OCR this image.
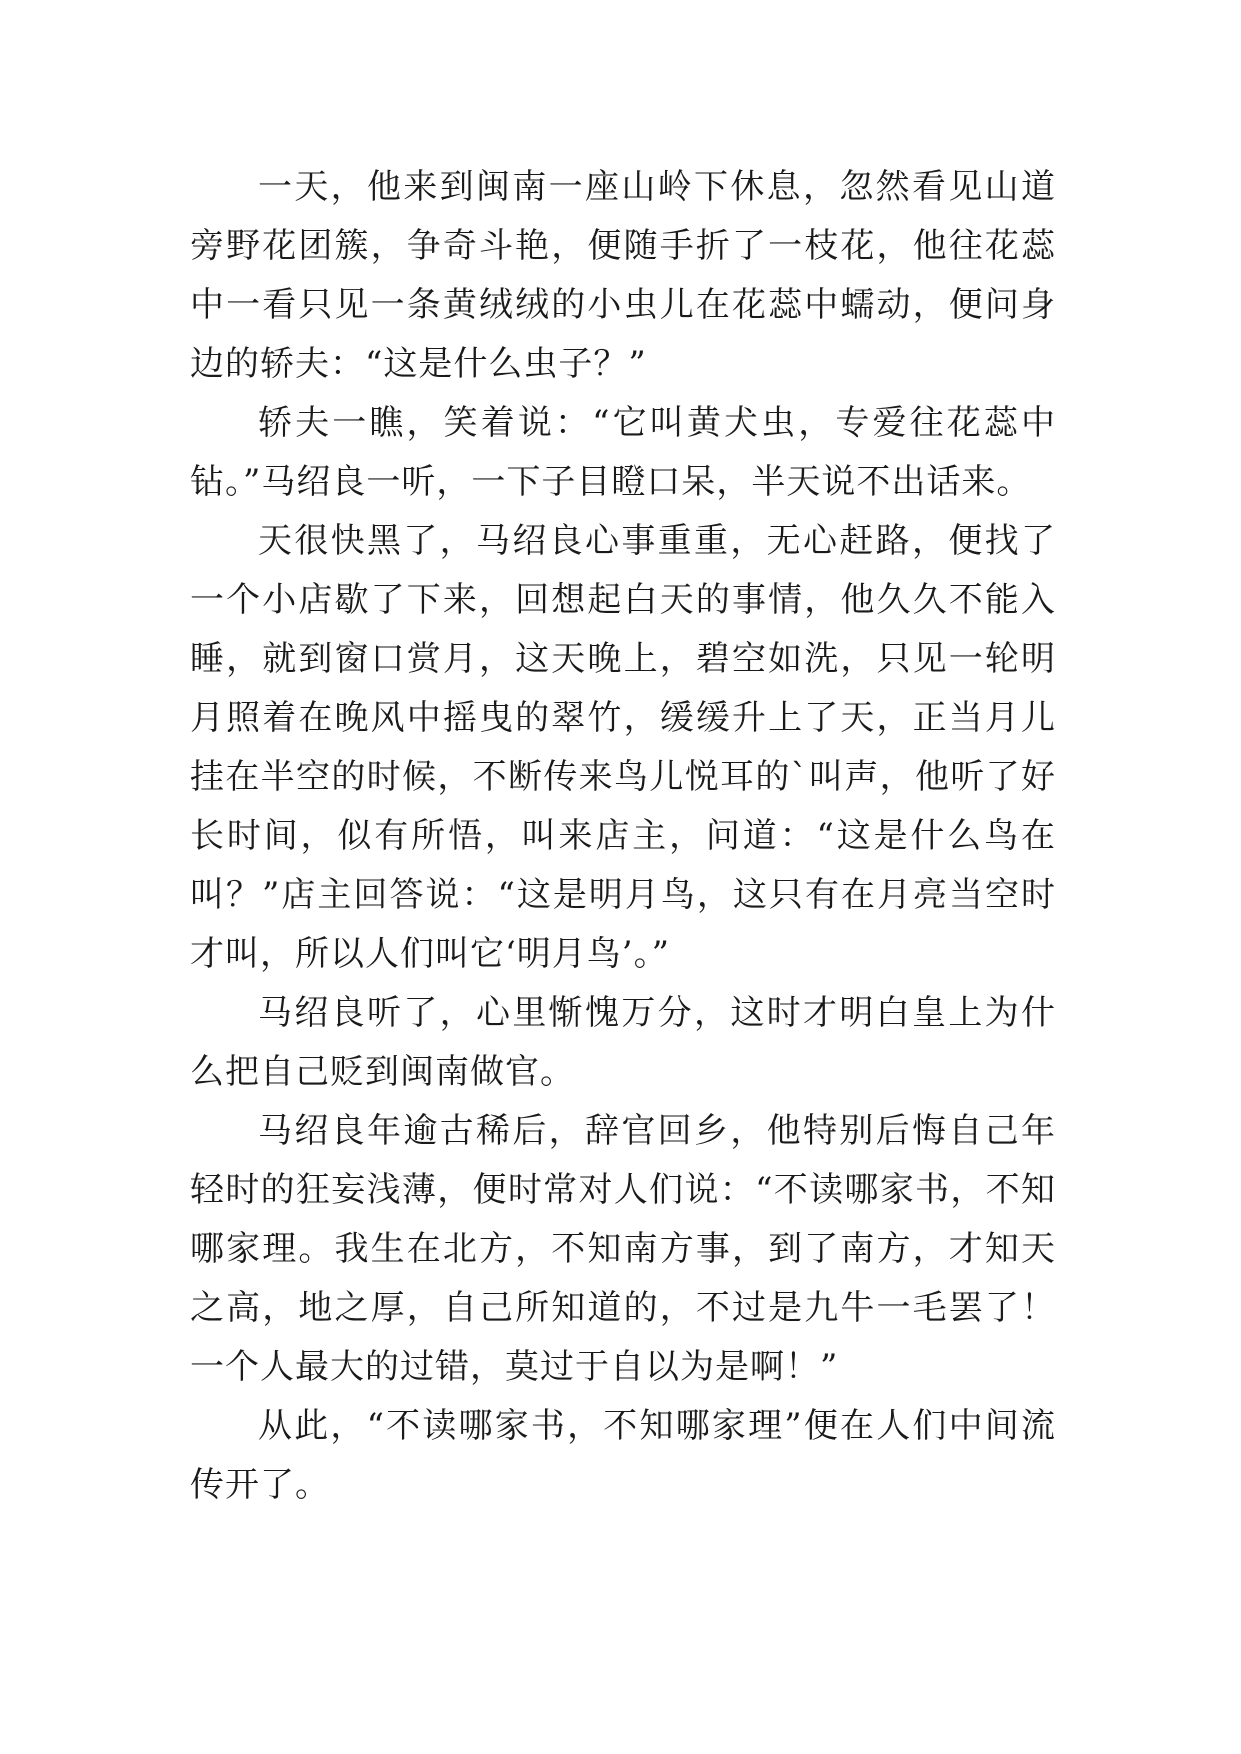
一天，他来到闽南一座山岭下休息，忽然看见山道旁野花团簇，争奇斗艳，便随手折了一枝花，他往花蕊中一看只见一条黄绒绒的小虫儿在花蕊中蠕动，便问身边的轿夫：“这是什么虫子？”

轿夫一瞧，笑着说：“它叫黄犬虫，专爱往花蕊中钻。”马绍良一听，一下子目瞪口呆，半天说不出话来。

天很快黑了，马绍良心事重重，无心赶路，便找了一个小店歇了下来，回想起白天的事情，他久久不能入睡，就到窗口赏月，这天晚上，碧空如洗，只见一轮明月照着在晚风中摇曳的翠竹，缓缓升上了天，正当月儿挂在半空的时候，不断传来鸟儿悦耳的`叫声，他听了好长时间，似有所悟，叫来店主，问道：“这是什么鸟在叫？”店主回答说：“这是明月鸟，这只有在月亮当空时才叫，所以人们叫它‘明月鸟’。”

马绍良听了，心里惭愧万分，这时才明白皇上为什么把自己贬到闽南做官。

马绍良年逾古稀后，辞官回乡，他特别后悔自己年轻时的狂妄浅薄，便时常对人们说：“不读哪家书，不知哪家理。我生在北方，不知南方事，到了南方，才知天之高，地之厚，自己所知道的，不过是九牛一毛罢了！一个人最大的过错，莫过于自以为是啊！”

从此，“不读哪家书，不知哪家理”便在人们中间流传开了。
